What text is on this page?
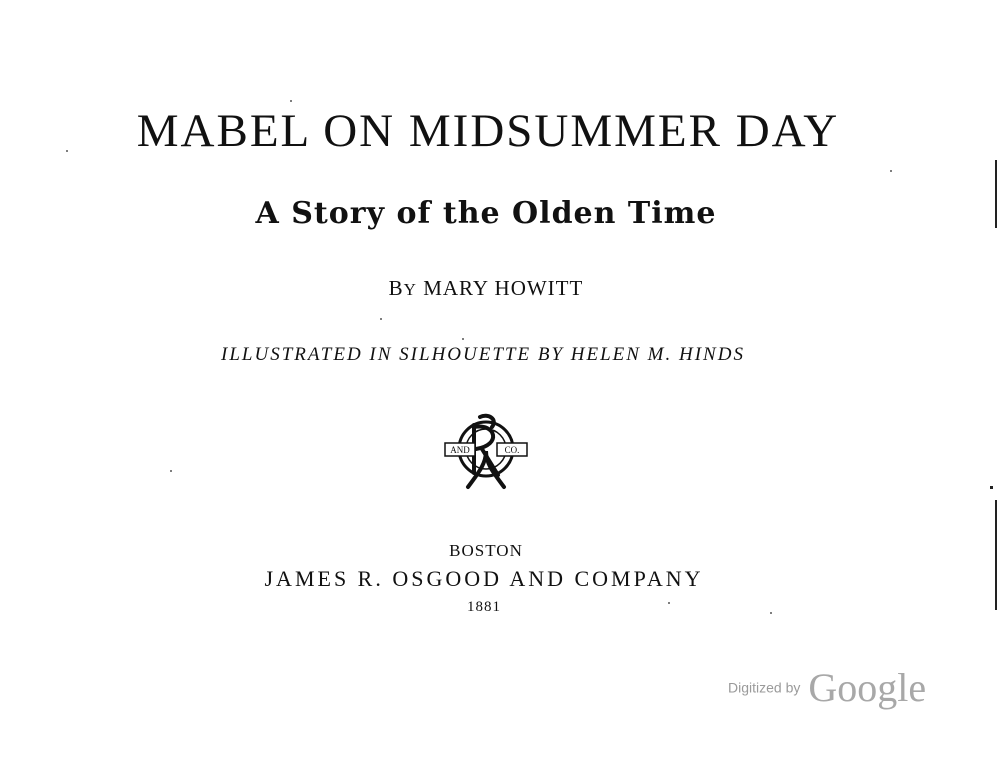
MABEL ON MIDSUMMER DAY
A Story of the Olden Time
BY MARY HOWITT
ILLUSTRATED IN SILHOUETTE BY HELEN M. HINDS
AND	CO.
BOSTON
JAMES R. OSGOOD AND COMPANY
1881
Digitized by Google
